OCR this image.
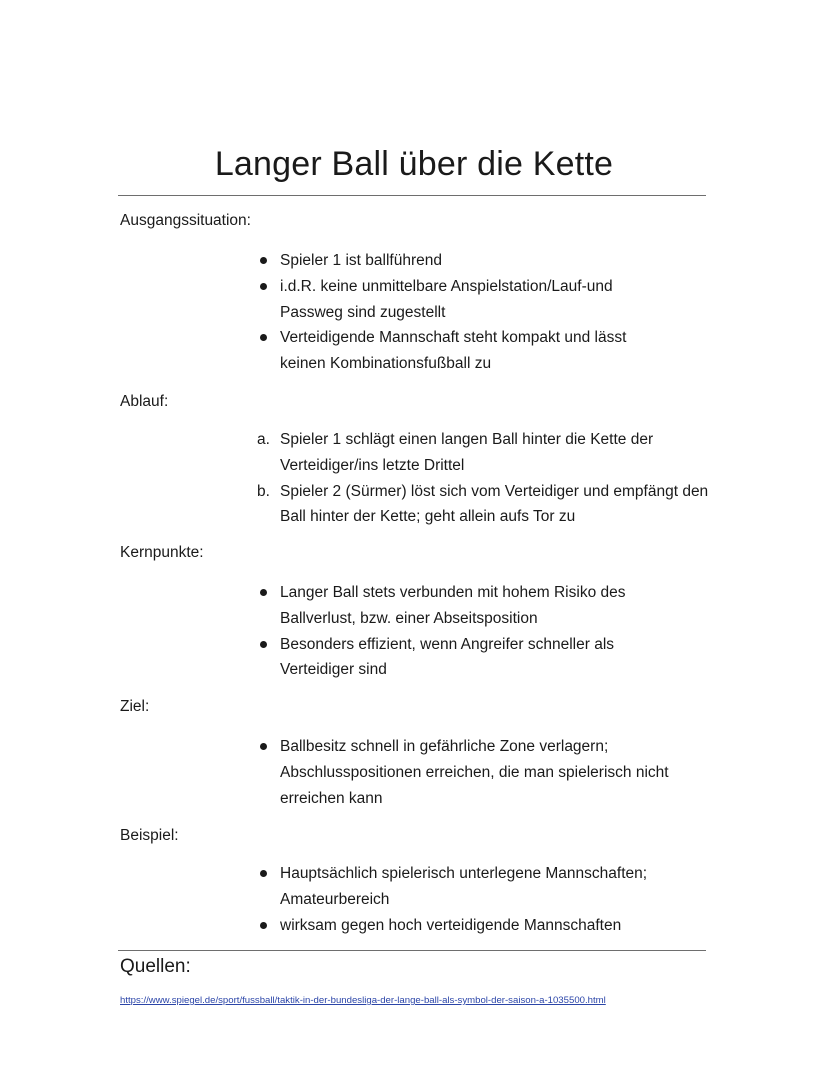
Langer Ball über die Kette

Ausgangssituation:

Spieler 1 ist ballführend
i.d.R. keine unmittelbare Anspielstation/Lauf-und Passweg sind zugestellt
Verteidigende Mannschaft steht kompakt und lässt keinen Kombinationsfußball zu

Ablauf:

a. Spieler 1 schlägt einen langen Ball hinter die Kette der Verteidiger/ins letzte Drittel
b. Spieler 2 (Sürmer) löst sich vom Verteidiger und empfängt den Ball hinter der Kette; geht allein aufs Tor zu

Kernpunkte:

Langer Ball stets verbunden mit hohem Risiko des Ballverlust, bzw. einer Abseitsposition
Besonders effizient, wenn Angreifer schneller als Verteidiger sind

Ziel:

Ballbesitz schnell in gefährliche Zone verlagern; Abschlusspositionen erreichen, die man spielerisch nicht erreichen kann

Beispiel:

Hauptsächlich spielerisch unterlegene Mannschaften; Amateurbereich
wirksam gegen hoch verteidigende Mannschaften

Quellen:

https://www.spiegel.de/sport/fussball/taktik-in-der-bundesliga-der-lange-ball-als-symbol-der-saison-a-1035500.html
